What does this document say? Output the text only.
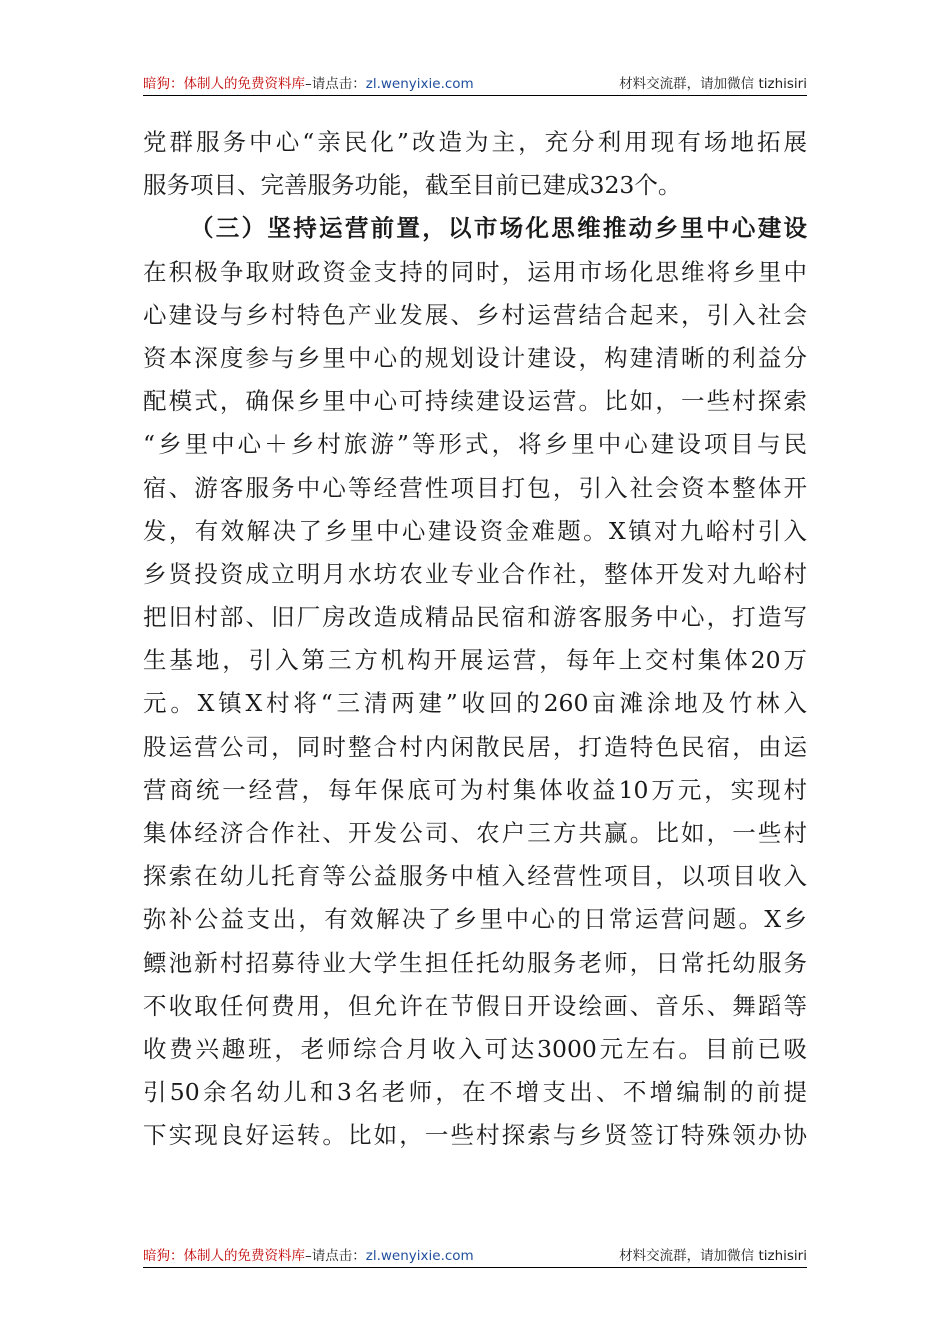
暗狗：体制人的免费资料库 –请点击： zl.wenyixie.com	材料交流群，请加微信 tizhisiri
党群服务中心“亲民化”改造为主，充分利用现有场地拓展
服务项目、完善服务功能，截至目前已建成323个。
（三）坚持运营前置，以市场化思维推动乡里中心建设
在积极争取财政资金支持的同时，运用市场化思维将乡里中
心建设与乡村特色产业发展、乡村运营结合起来，引入社会
资本深度参与乡里中心的规划设计建设，构建清晰的利益分
配模式，确保乡里中心可持续建设运营。比如，一些村探索
“乡里中心＋乡村旅游”等形式，将乡里中心建设项目与民
宿、游客服务中心等经营性项目打包，引入社会资本整体开
发，有效解决了乡里中心建设资金难题。X镇对九峪村引入
乡贤投资成立明月水坊农业专业合作社，整体开发对九峪村
把旧村部、旧厂房改造成精品民宿和游客服务中心，打造写
生基地，引入第三方机构开展运营，每年上交村集体20万
元。X镇X村将“三清两建”收回的260亩滩涂地及竹林入
股运营公司，同时整合村内闲散民居，打造特色民宿，由运
营商统一经营，每年保底可为村集体收益10万元，实现村
集体经济合作社、开发公司、农户三方共赢。比如，一些村
探索在幼儿托育等公益服务中植入经营性项目，以项目收入
弥补公益支出，有效解决了乡里中心的日常运营问题。X乡
鳔池新村招募待业大学生担任托幼服务老师，日常托幼服务
不收取任何费用，但允许在节假日开设绘画、音乐、舞蹈等
收费兴趣班，老师综合月收入可达3000元左右。目前已吸
引50余名幼儿和3名老师，在不增支出、不增编制的前提
下实现良好运转。比如，一些村探索与乡贤签订特殊领办协
暗狗：体制人的免费资料库 –请点击： zl.wenyixie.com	材料交流群，请加微信 tizhisiri
